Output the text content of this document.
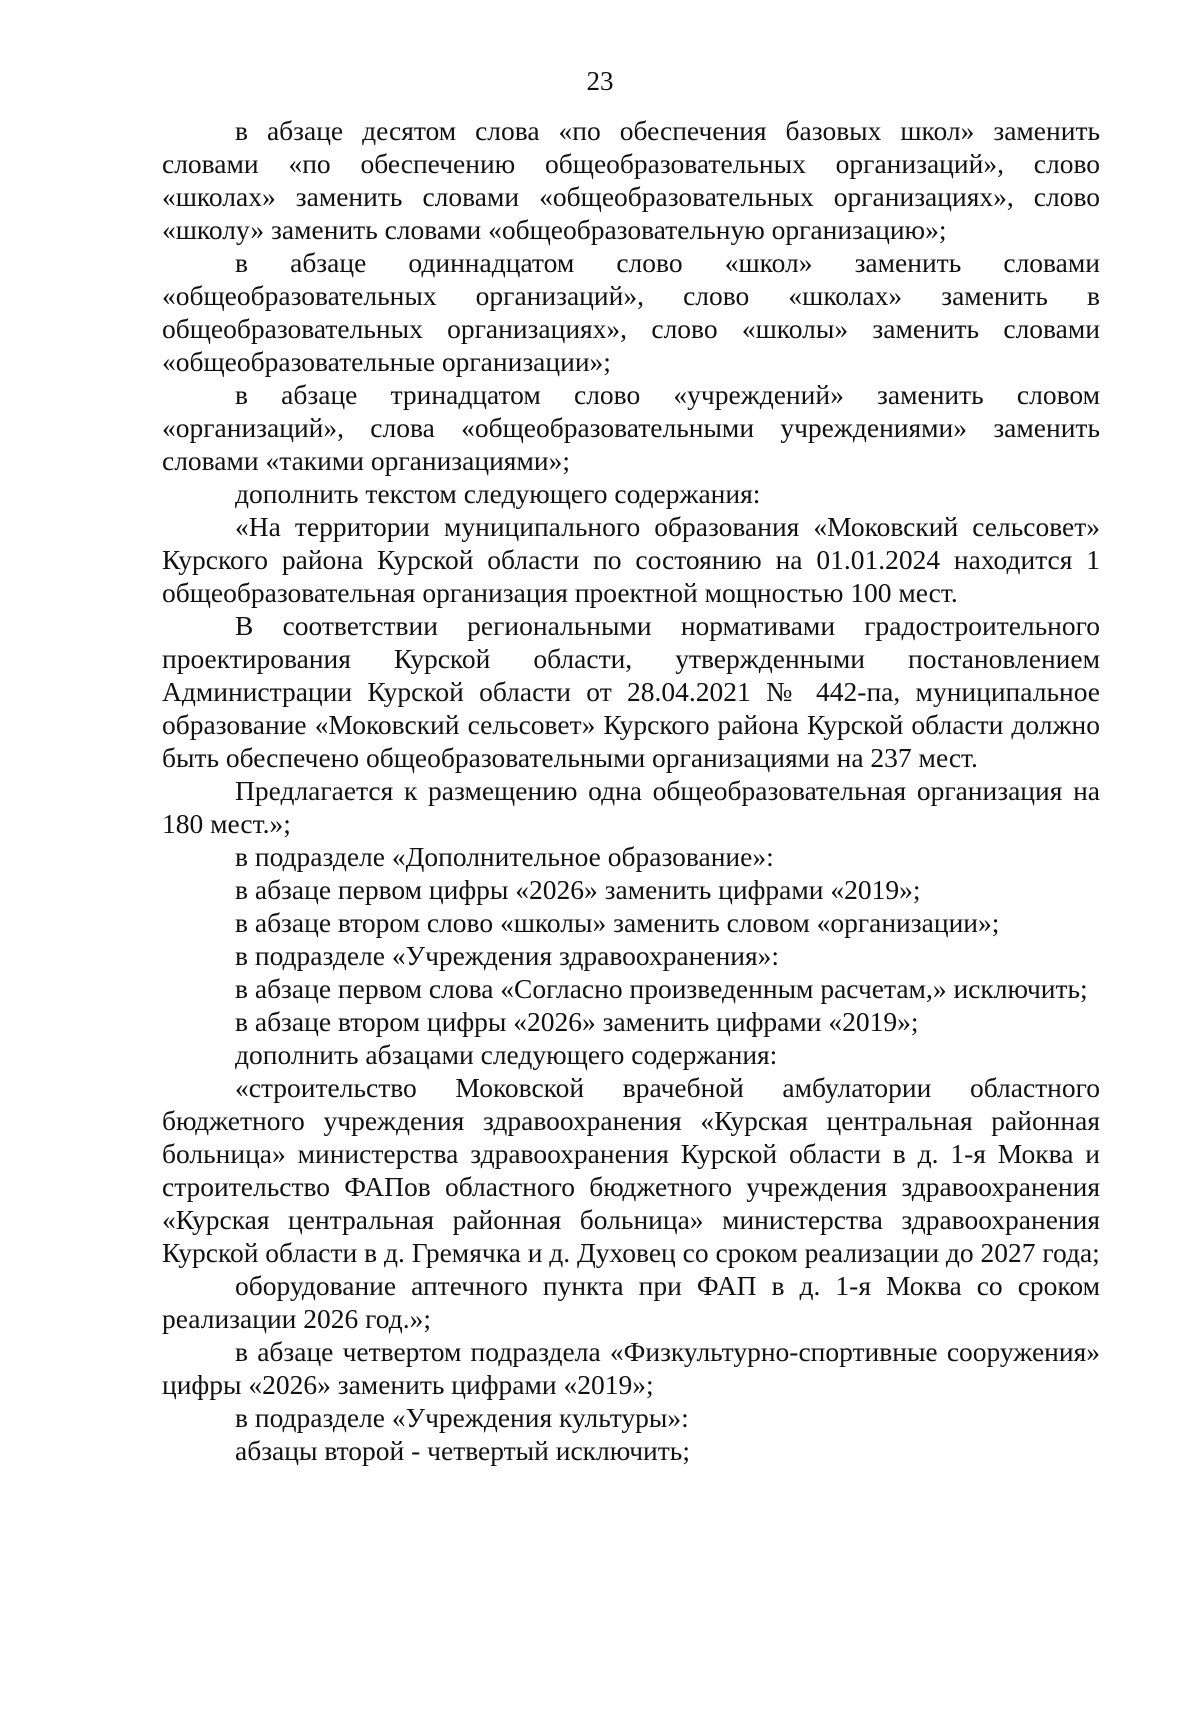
23

в абзаце десятом слова «по обеспечения базовых школ» заменить словами «по обеспечению общеобразовательных организаций», слово «школах» заменить словами «общеобразовательных организациях», слово «школу» заменить словами «общеобразовательную организацию»;

в абзаце одиннадцатом слово «школ» заменить словами «общеобразовательных организаций», слово «школах» заменить в общеобразовательных организациях», слово «школы» заменить словами «общеобразовательные организации»;

в абзаце тринадцатом слово «учреждений» заменить словом «организаций», слова «общеобразовательными учреждениями» заменить словами «такими организациями»;

дополнить текстом следующего содержания:

«На территории муниципального образования «Моковский сельсовет» Курского района Курской области по состоянию на 01.01.2024 находится 1 общеобразовательная организация проектной мощностью 100 мест.

В соответствии региональными нормативами градостроительного проектирования Курской области, утвержденными постановлением Администрации Курской области от 28.04.2021 № 442-па, муниципальное образование «Моковский сельсовет» Курского района Курской области должно быть обеспечено общеобразовательными организациями на 237 мест.

Предлагается к размещению одна общеобразовательная организация на 180 мест.»;

в подразделе «Дополнительное образование»:

в абзаце первом цифры «2026» заменить цифрами «2019»;

в абзаце втором слово «школы» заменить словом «организации»;

в подразделе «Учреждения здравоохранения»:

в абзаце первом слова «Согласно произведенным расчетам,» исключить;

в абзаце втором цифры «2026» заменить цифрами «2019»;

дополнить абзацами следующего содержания:

«строительство Моковской врачебной амбулатории областного бюджетного учреждения здравоохранения «Курская центральная районная больница» министерства здравоохранения Курской области в д. 1-я Моква и строительство ФАПов областного бюджетного учреждения здравоохранения «Курская центральная районная больница» министерства здравоохранения Курской области в д. Гремячка и д. Духовец со сроком реализации до 2027 года;

оборудование аптечного пункта при ФАП в д. 1-я Моква со сроком реализации 2026 год.»;

в абзаце четвертом подраздела «Физкультурно-спортивные сооружения» цифры «2026» заменить цифрами «2019»;

в подразделе «Учреждения культуры»:

абзацы второй - четвертый исключить;
